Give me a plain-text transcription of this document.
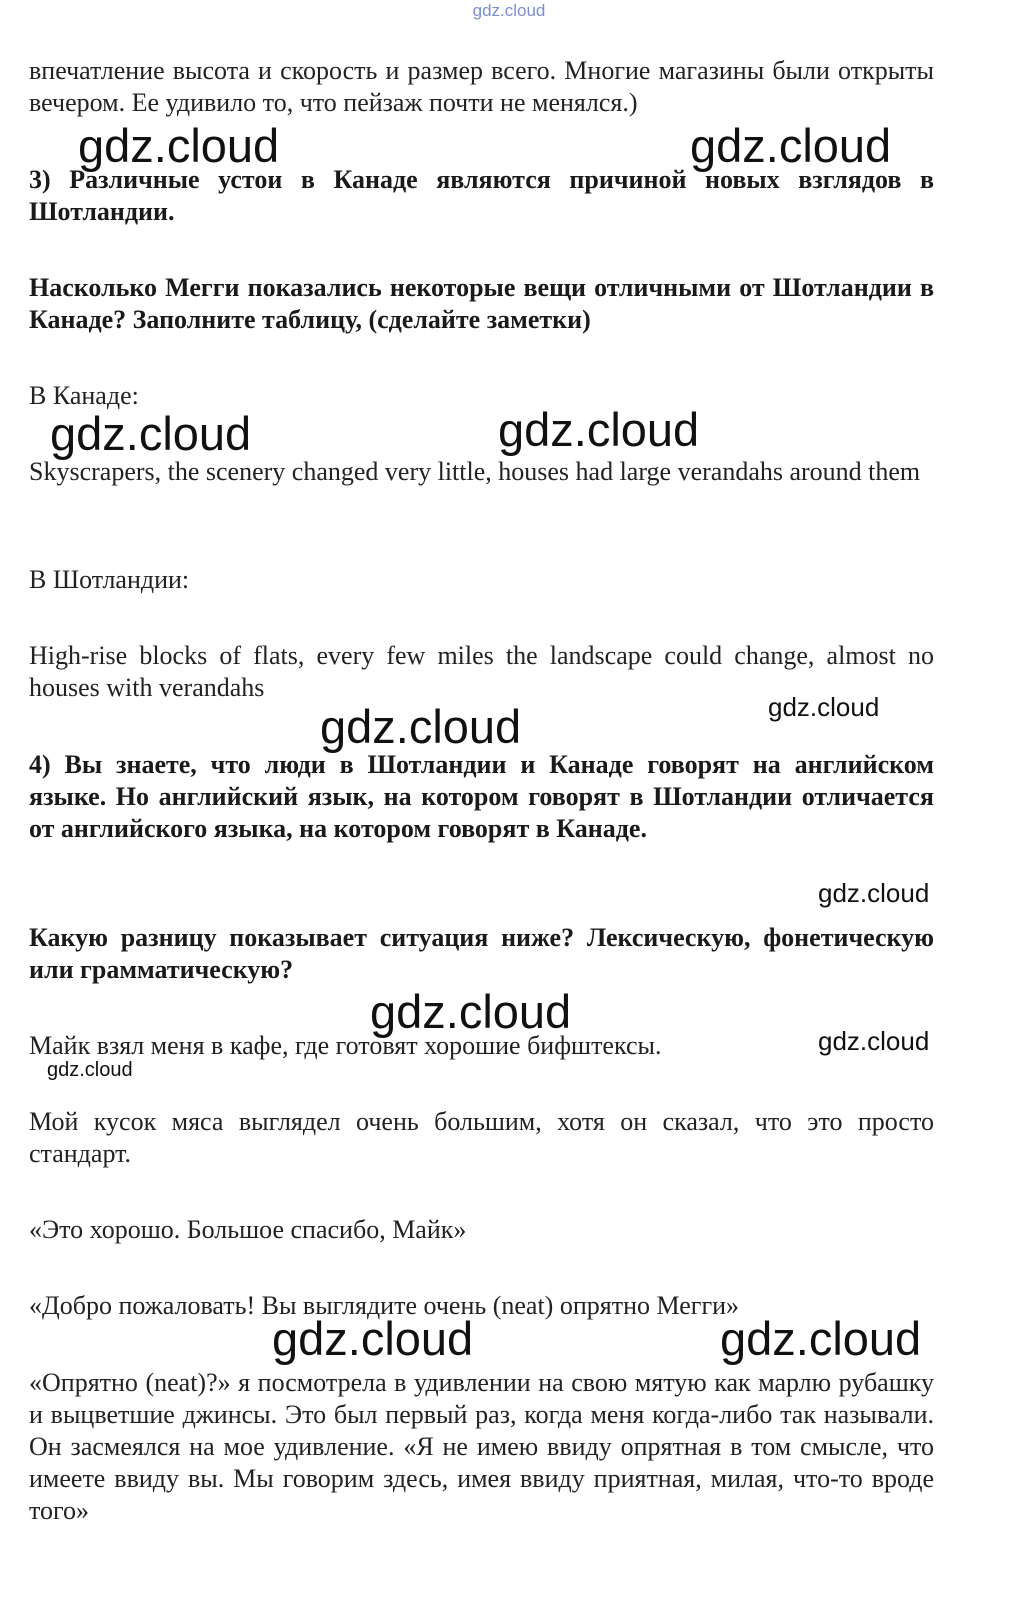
gdz.cloud

впечатление высота и скорость и размер всего. Многие магазины были открыты вечером. Ее удивило то, что пейзаж почти не менялся.)

3) Различные устои в Канаде являются причиной новых взглядов в Шотландии.

Насколько Мегги показались некоторые вещи отличными от Шотландии в Канаде? Заполните таблицу, (сделайте заметки)

В Канаде:

Skyscrapers, the scenery changed very little, houses had large verandahs around them

В Шотландии:

High-rise blocks of flats, every few miles the landscape could change, almost no houses with verandahs

4) Вы знаете, что люди в Шотландии и Канаде говорят на английском языке. Но английский язык, на котором говорят в Шотландии отличается от английского языка, на котором говорят в Канаде.

Какую разницу показывает ситуация ниже? Лексическую, фонетическую или грамматическую?

Майк взял меня в кафе, где готовят хорошие бифштексы.

Мой кусок мяса выглядел очень большим, хотя он сказал, что это просто стандарт.

«Это хорошо. Большое спасибо, Майк»

«Добро пожаловать! Вы выглядите очень (neat) опрятно Мегги»

«Опрятно (neat)?» я посмотрела в удивлении на свою мятую как марлю рубашку и выцветшие джинсы. Это был первый раз, когда меня когда-либо так называли. Он засмеялся на мое удивление. «Я не имею ввиду опрятная в том смысле, что имеете ввиду вы. Мы говорим здесь, имея ввиду приятная, милая, что-то вроде того»

gdz.cloud	gdz.cloud
gdz.cloud	gdz.cloud
gdz.cloud	gdz.cloud
gdz.cloud
gdz.cloud
gdz.cloud
gdz.cloud
gdz.cloud	gdz.cloud
